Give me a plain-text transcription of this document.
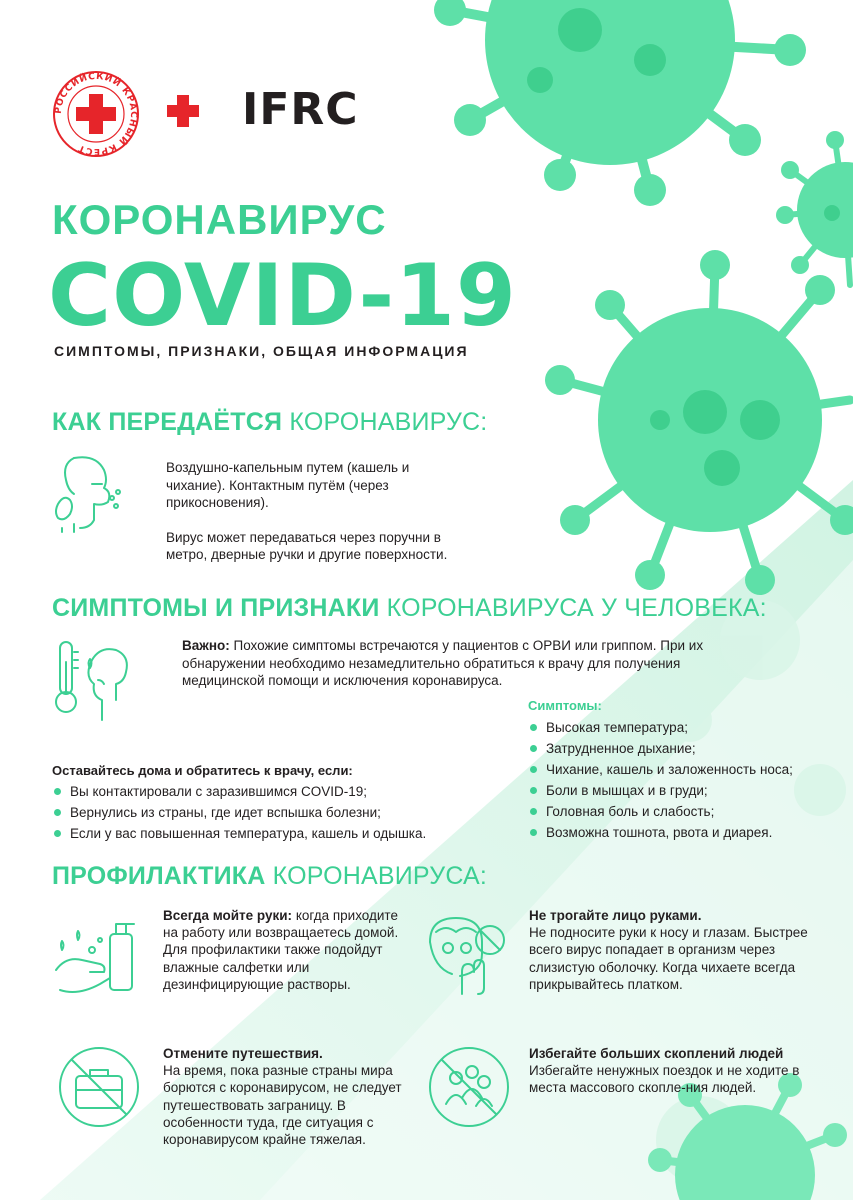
РОССИЙСКИЙ КРАСНЫЙ КРЕСТ
IFRC
КОРОНАВИРУС
COVID-19
СИМПТОМЫ, ПРИЗНАКИ, ОБЩАЯ ИНФОРМАЦИЯ
КАК ПЕРЕДАЁТСЯ КОРОНАВИРУС:

Воздушно-капельным путем (кашель и чихание). Контактным путём (через прикосновения).

Вирус может передаваться через поручни в метро, дверные ручки и другие поверхности.

СИМПТОМЫ И ПРИЗНАКИ КОРОНАВИРУСА У ЧЕЛОВЕКА:
Важно: Похожие симптомы встречаются у пациентов с ОРВИ или гриппом. При их обнаружении необходимо незамедлительно обратиться к врачу для получения медицинской помощи и исключения коронавируса.
Симптомы:
Высокая температура;
Затрудненное дыхание;
Чихание, кашель и заложенность носа;
Боли в мышцах и в груди;
Головная боль и слабость;
Возможна тошнота, рвота и диарея.
Оставайтесь дома и обратитесь к врачу, если:
Вы контактировали с заразившимся COVID-19;
Вернулись из страны, где идет вспышка болезни;
Если у вас повышенная температура, кашель и одышка.
ПРОФИЛАКТИКА КОРОНАВИРУСА:
Всегда мойте руки: когда приходите на работу или возвращаетесь домой. Для профилактики также подойдут влажные салфетки или дезинфицирующие растворы.
Не трогайте лицо руками.
Не подносите руки к носу и глазам. Быстрее всего вирус попадает в организм через слизистую оболочку. Когда чихаете всегда прикрывайтесь платком.
Отмените путешествия.
На время, пока разные страны мира борются с коронавирусом, не следует путешествовать заграницу. В особенности туда, где ситуация с коронавирусом крайне тяжелая.
Избегайте больших скоплений людей
Избегайте ненужных поездок и не ходите в места массового скопле-ния людей.
